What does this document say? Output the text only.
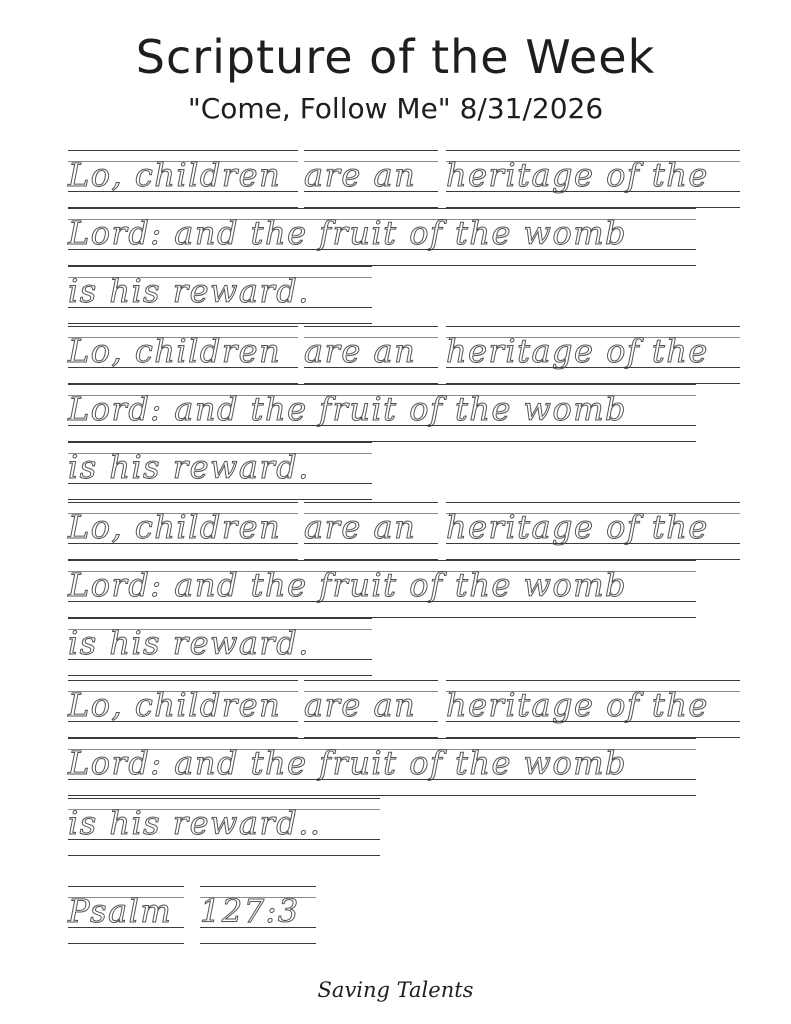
Scripture of the Week
"Come, Follow Me" 8/31/2026
Lo, children are an heritage of the
Lord: and the fruit of the womb
is his reward.
Lo, children are an heritage of the
Lord: and the fruit of the womb
is his reward.
Lo, children are an heritage of the
Lord: and the fruit of the womb
is his reward.
Lo, children are an heritage of the
Lord: and the fruit of the womb
is his reward..
Psalm 127:3
Saving Talents
